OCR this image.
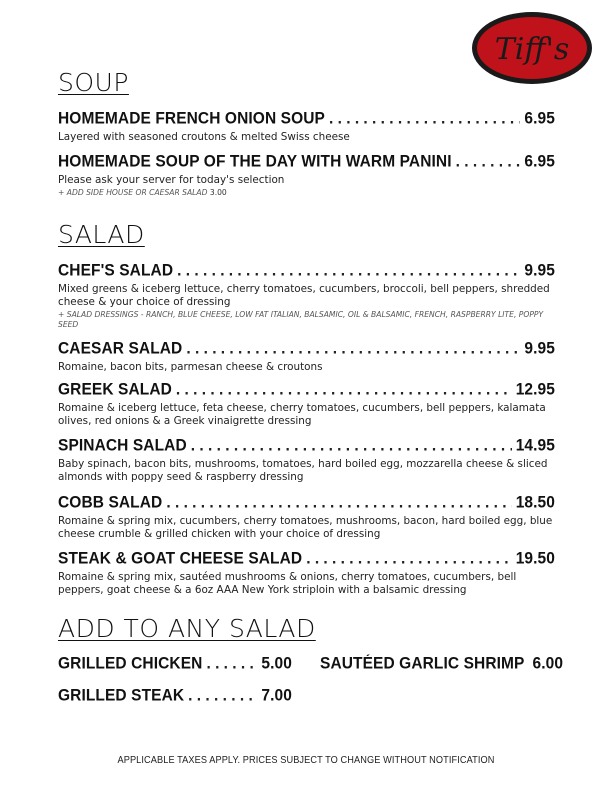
Tiff's
SOUP
HOMEMADE FRENCH ONION SOUP . . .	6.95
Layered with seasoned croutons & melted Swiss cheese
HOMEMADE SOUP OF THE DAY WITH WARM PANINI . . .	6.95
Please ask your server for today's selection
+ ADD SIDE HOUSE OR CAESAR SALAD 3.00
SALAD
CHEF'S SALAD . . .	9.95
Mixed greens & iceberg lettuce, cherry tomatoes, cucumbers, broccoli, bell peppers, shredded cheese & your choice of dressing
+ SALAD DRESSINGS - RANCH, BLUE CHEESE, LOW FAT ITALIAN, BALSAMIC, OIL & BALSAMIC, FRENCH, RASPBERRY LITE, POPPY SEED
CAESAR SALAD . . .	9.95
Romaine, bacon bits, parmesan cheese & croutons
GREEK SALAD . . .	12.95
Romaine & iceberg lettuce, feta cheese, cherry tomatoes, cucumbers, bell peppers, kalamata olives, red onions & a Greek vinaigrette dressing
SPINACH SALAD . . .	14.95
Baby spinach, bacon bits, mushrooms, tomatoes, hard boiled egg, mozzarella cheese & sliced almonds with poppy seed & raspberry dressing
COBB SALAD . . .	18.50
Romaine & spring mix, cucumbers, cherry tomatoes, mushrooms, bacon, hard boiled egg, blue cheese crumble & grilled chicken with your choice of dressing
STEAK & GOAT CHEESE SALAD . . .	19.50
Romaine & spring mix, sautéed mushrooms & onions, cherry tomatoes, cucumbers, bell peppers, goat cheese & a 6oz AAA New York striploin with a balsamic dressing
ADD TO ANY SALAD
GRILLED CHICKEN . . .	5.00 SAUTÉED GARLIC SHRIMP 6.00
GRILLED STEAK . . .	7.00
APPLICABLE TAXES APPLY. PRICES SUBJECT TO CHANGE WITHOUT NOTIFICATION
